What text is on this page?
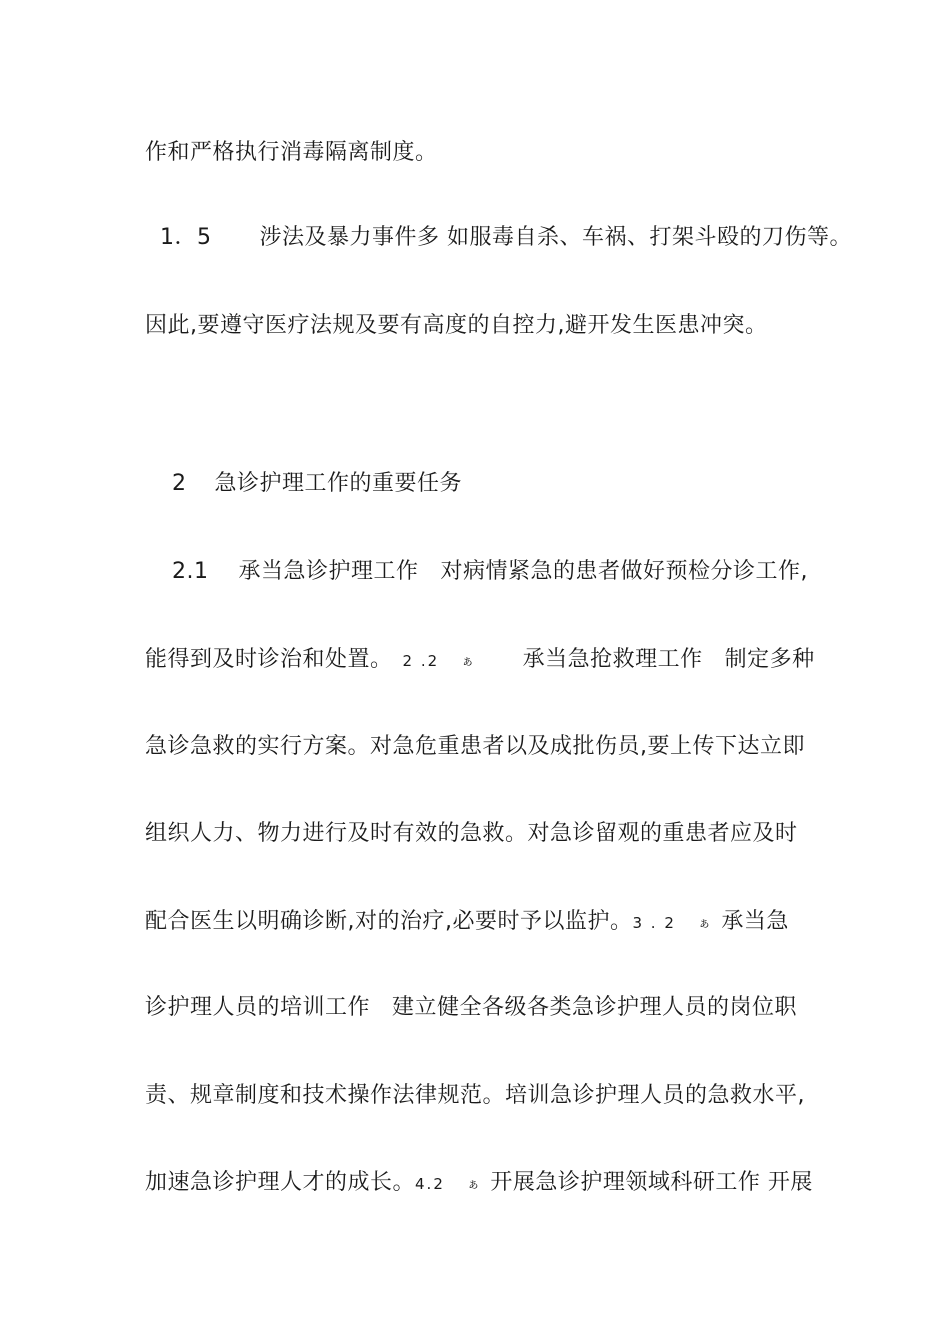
作和严格执行消毒隔离制度。
1．5 涉法及暴力事件多 如服毒自杀、车祸、打架斗殴的刀伤等。
因此,要遵守医疗法规及要有高度的自控力,避开发生医患冲突。
2 急诊护理工作的重要任务
2.1 承当急诊护理工作 对病情紧急的患者做好预检分诊工作,
能得到及时诊治和处置。 2 .2 ぁ 承当急抢救理工作 制定多种
急诊急救的实行方案。对急危重患者以及成批伤员,要上传下达立即
组织人力、物力进行及时有效的急救。对急诊留观的重患者应及时
配合医生以明确诊断,对的治疗,必要时予以监护。3 . 2 ぁ 承当急
诊护理人员的培训工作 建立健全各级各类急诊护理人员的岗位职
责、规章制度和技术操作法律规范。培训急诊护理人员的急救水平,
加速急诊护理人才的成长。4.2 ぁ 开展急诊护理领域科研工作 开展
